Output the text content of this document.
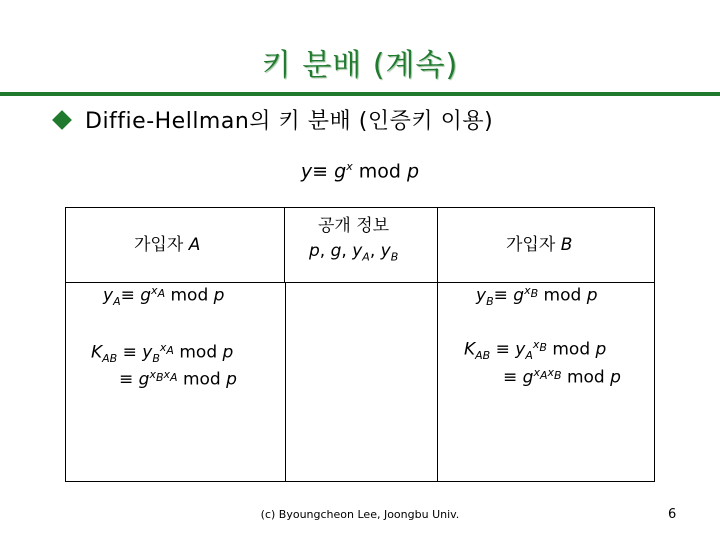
키 분배 (계속)
Diffie-Hellman의 키 분배 (인증키 이용)
$y\equiv g^x$ mod p
가입자 A
공개 정보
p, g, $y_A$, $y_B$
가입자 B
$y_A\equiv g^{x_A}$ mod p	$y_B\equiv g^{x_B}$ mod p
$K_{AB} \equiv y_B^{x_A}$ mod p
≡ $g^{x_Bx_A}$ mod p
$K_{AB} \equiv y_A^{x_B}$ mod p
≡ $g^{x_Ax_B}$ mod p
(c) Byoungcheon Lee, Joongbu Univ.	6
